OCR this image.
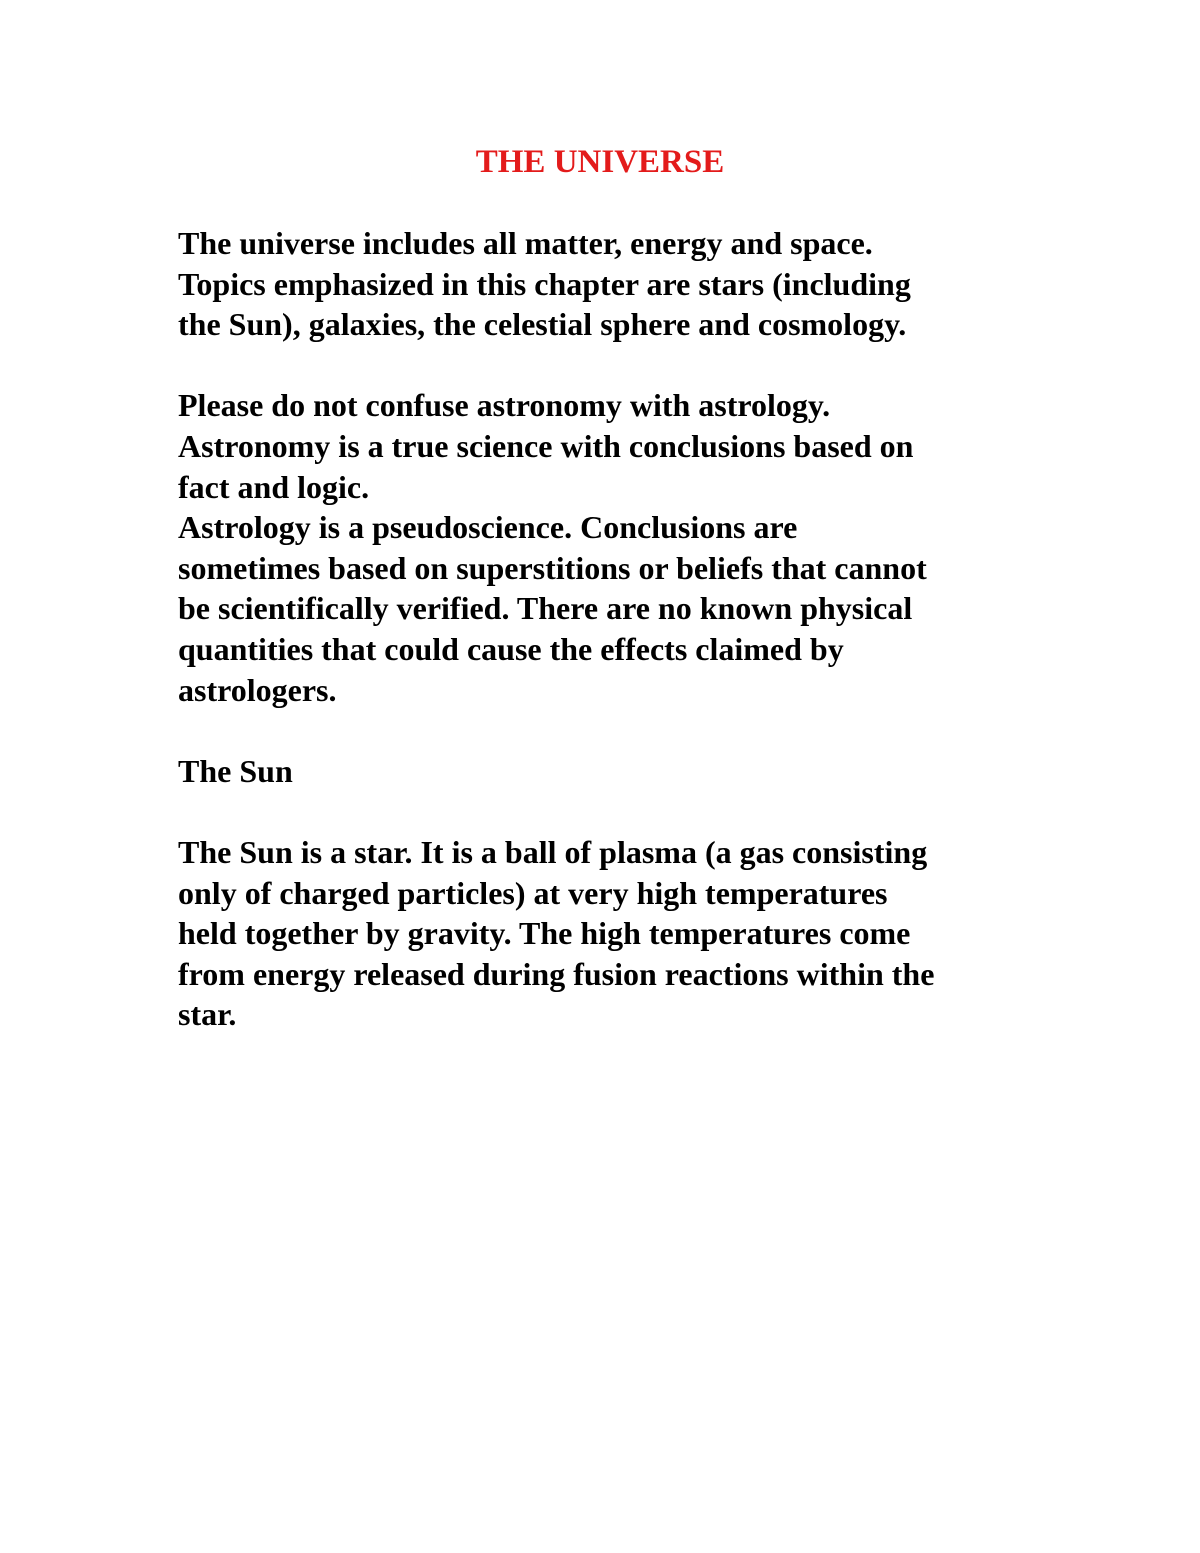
THE UNIVERSE
The universe includes all matter, energy and space.
Topics emphasized in this chapter are stars (including
the Sun), galaxies, the celestial sphere and cosmology.
Please do not confuse astronomy with astrology.
Astronomy is a true science with conclusions based on
fact and logic.
Astrology is a pseudoscience. Conclusions are
sometimes based on superstitions or beliefs that cannot
be scientifically verified. There are no known physical
quantities that could cause the effects claimed by
astrologers.
The Sun
The Sun is a star. It is a ball of plasma (a gas consisting
only of charged particles) at very high temperatures
held together by gravity. The high temperatures come
from energy released during fusion reactions within the
star.
